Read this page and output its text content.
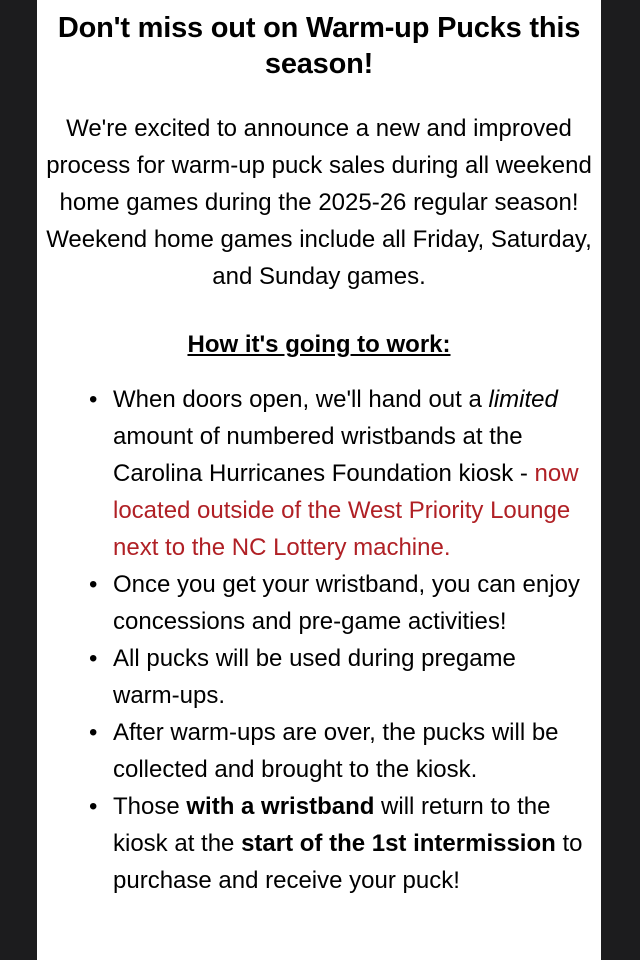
Don't miss out on Warm-up Pucks this season!

We're excited to announce a new and improved process for warm-up puck sales during all weekend home games during the 2025-26 regular season! Weekend home games include all Friday, Saturday, and Sunday games.

How it's going to work:
• When doors open, we'll hand out a limited amount of numbered wristbands at the Carolina Hurricanes Foundation kiosk - now located outside of the West Priority Lounge next to the NC Lottery machine.
• Once you get your wristband, you can enjoy concessions and pre-game activities!
• All pucks will be used during pregame warm-ups.
• After warm-ups are over, the pucks will be collected and brought to the kiosk.
• Those with a wristband will return to the kiosk at the start of the 1st intermission to purchase and receive your puck!
